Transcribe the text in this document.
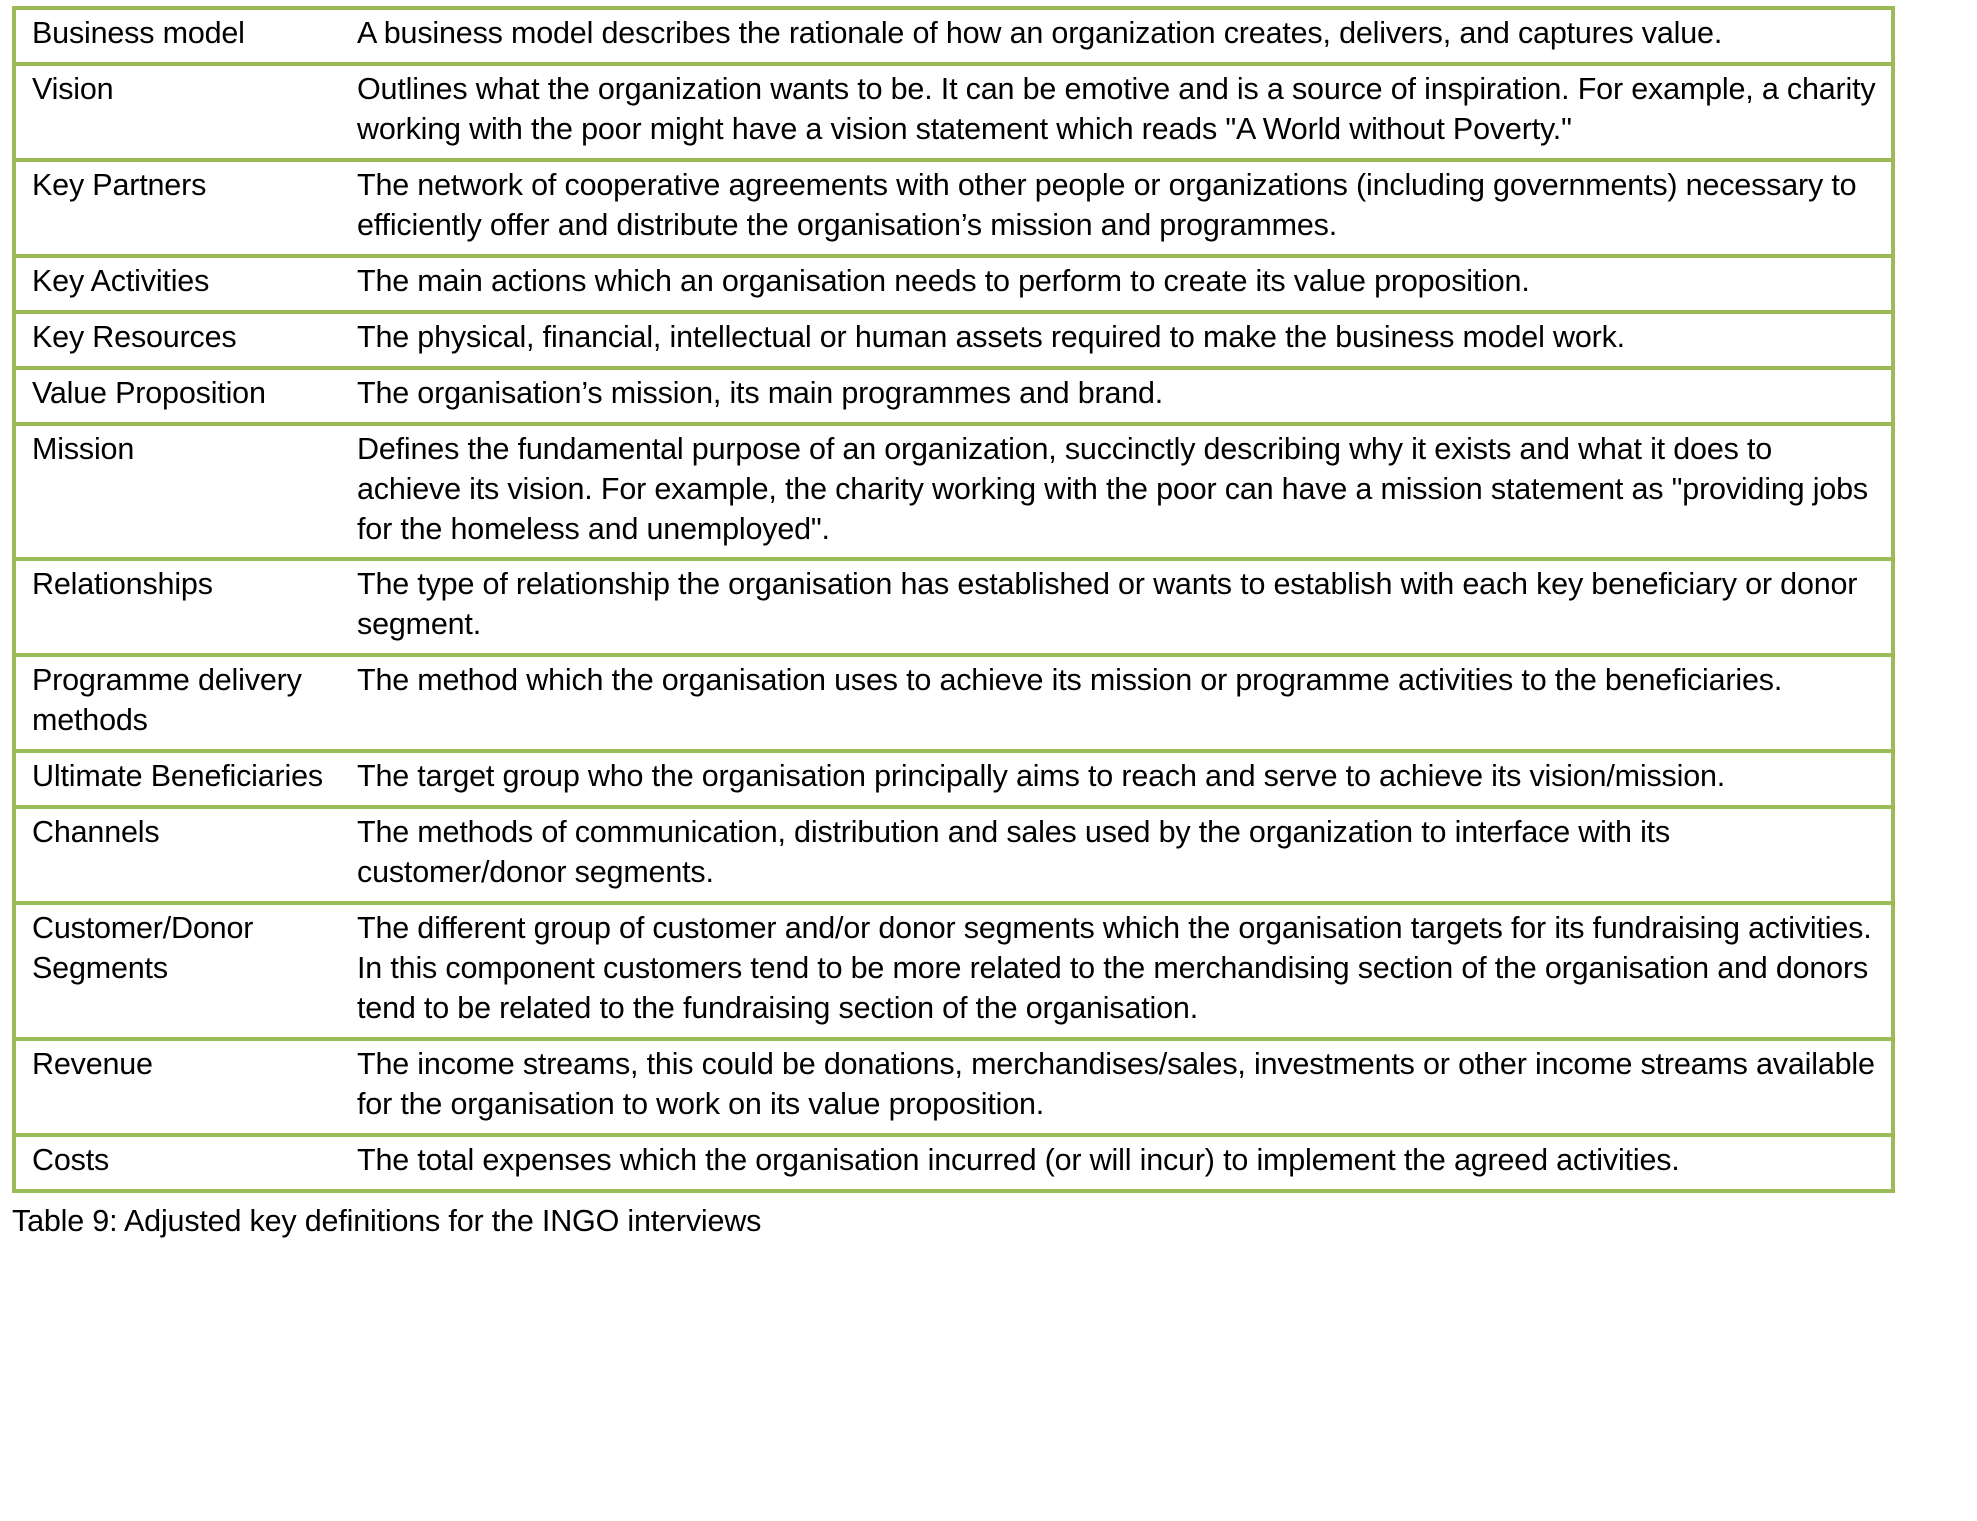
Business model	A business model describes the rationale of how an organization creates, delivers, and captures value.
Vision	Outlines what the organization wants to be. It can be emotive and is a source of inspiration. For example, a charity working with the poor might have a vision statement which reads "A World without Poverty."
Key Partners	The network of cooperative agreements with other people or organizations (including governments) necessary to efficiently offer and distribute the organisation’s mission and programmes.
Key Activities	The main actions which an organisation needs to perform to create its value proposition.
Key Resources	The physical, financial, intellectual or human assets required to make the business model work.
Value Proposition	The organisation’s mission, its main programmes and brand.
Mission	Defines the fundamental purpose of an organization, succinctly describing why it exists and what it does to achieve its vision. For example, the charity working with the poor can have a mission statement as "providing jobs for the homeless and unemployed".
Relationships	The type of relationship the organisation has established or wants to establish with each key beneficiary or donor segment.
Programme delivery methods	The method which the organisation uses to achieve its mission or programme activities to the beneficiaries.
Ultimate Beneficiaries	The target group who the organisation principally aims to reach and serve to achieve its vision/mission.
Channels	The methods of communication, distribution and sales used by the organization to interface with its customer/donor segments.
Customer/Donor Segments	The different group of customer and/or donor segments which the organisation targets for its fundraising activities. In this component customers tend to be more related to the merchandising section of the organisation and donors tend to be related to the fundraising section of the organisation.
Revenue	The income streams, this could be donations, merchandises/sales, investments or other income streams available for the organisation to work on its value proposition.
Costs	The total expenses which the organisation incurred (or will incur) to implement the agreed activities.
Table 9: Adjusted key definitions for the INGO interviews
